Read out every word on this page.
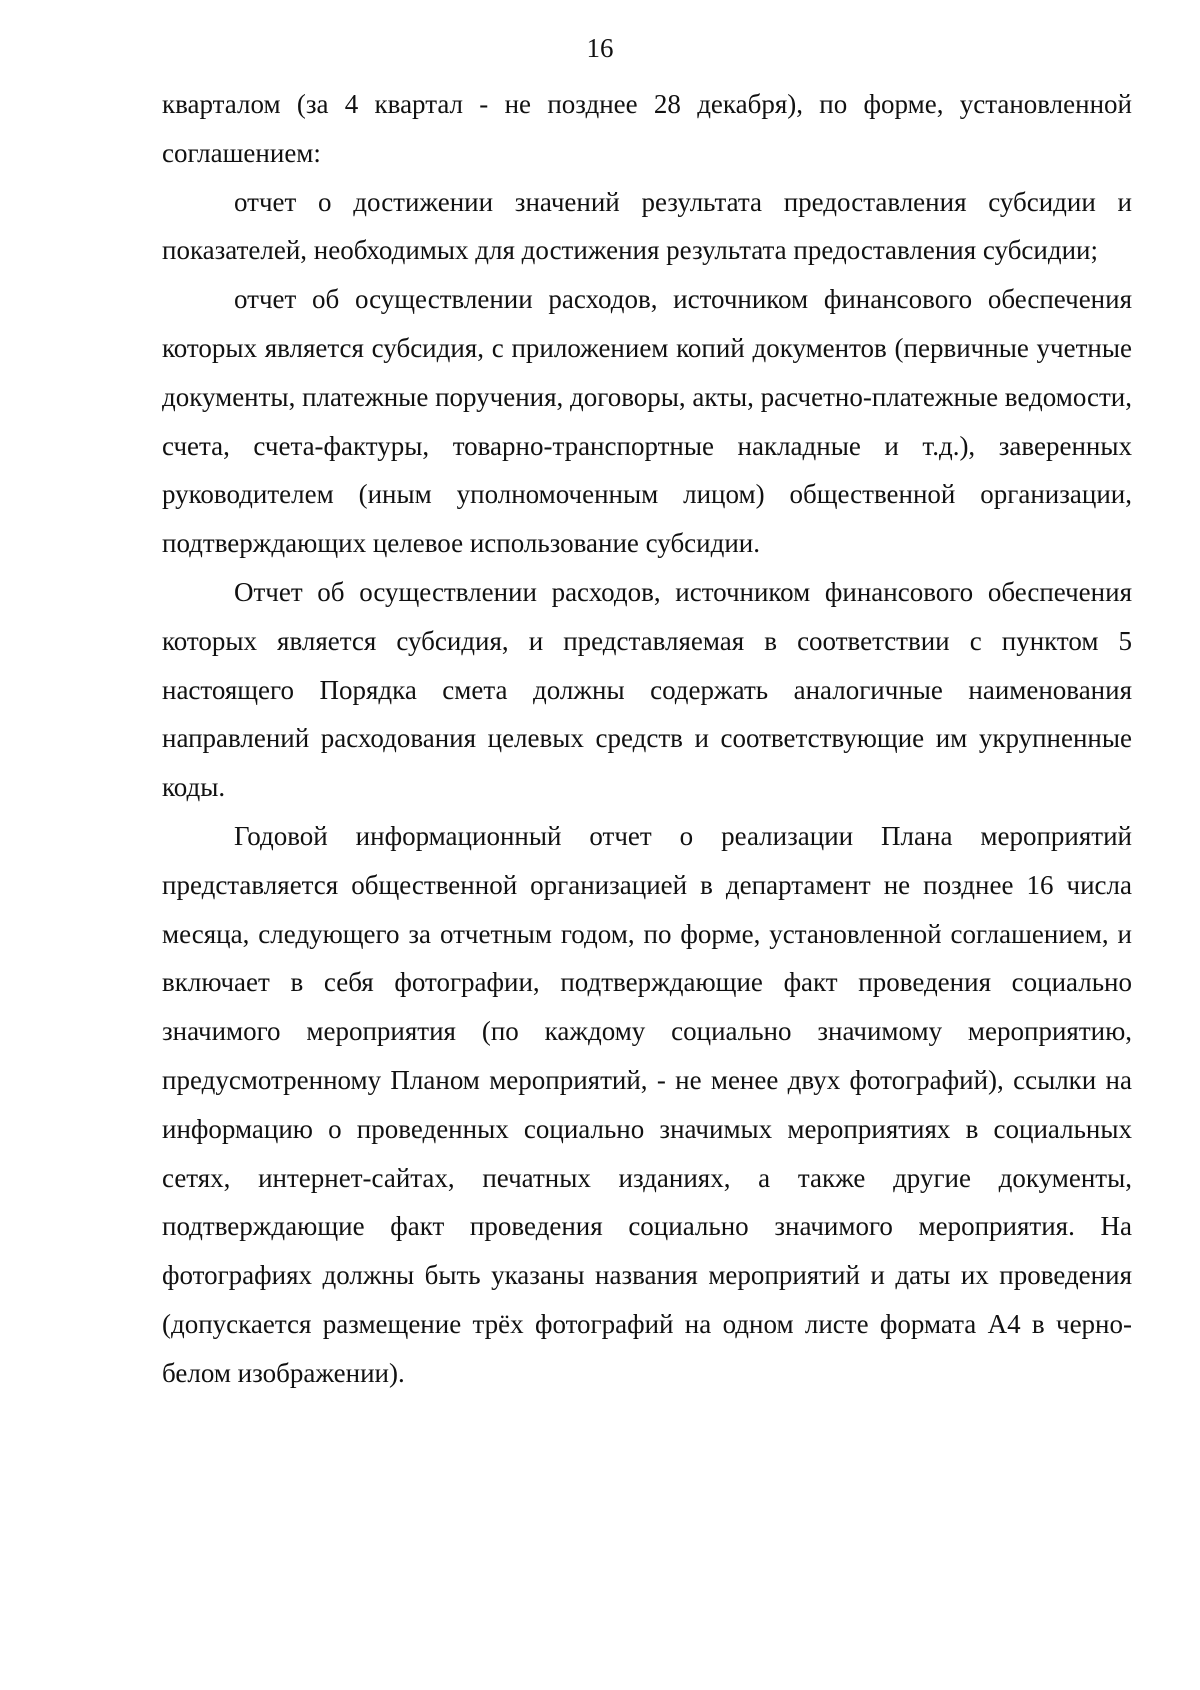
16

кварталом (за 4 квартал - не позднее 28 декабря), по форме, установленной соглашением:

отчет о достижении значений результата предоставления субсидии и показателей, необходимых для достижения результата предоставления субсидии;

отчет об осуществлении расходов, источником финансового обеспечения которых является субсидия, с приложением копий документов (первичные учетные документы, платежные поручения, договоры, акты, расчетно-платежные ведомости, счета, счета-фактуры, товарно-транспортные накладные и т.д.), заверенных руководителем (иным уполномоченным лицом) общественной организации, подтверждающих целевое использование субсидии.

Отчет об осуществлении расходов, источником финансового обеспечения которых является субсидия, и представляемая в соответствии с пунктом 5 настоящего Порядка смета должны содержать аналогичные наименования направлений расходования целевых средств и соответствующие им укрупненные коды.

Годовой информационный отчет о реализации Плана мероприятий представляется общественной организацией в департамент не позднее 16 числа месяца, следующего за отчетным годом, по форме, установленной соглашением, и включает в себя фотографии, подтверждающие факт проведения социально значимого мероприятия (по каждому социально значимому мероприятию, предусмотренному Планом мероприятий, - не менее двух фотографий), ссылки на информацию о проведенных социально значимых мероприятиях в социальных сетях, интернет-сайтах, печатных изданиях, а также другие документы, подтверждающие факт проведения социально значимого мероприятия. На фотографиях должны быть указаны названия мероприятий и даты их проведения (допускается размещение трёх фотографий на одном листе формата А4 в черно-белом изображении).
